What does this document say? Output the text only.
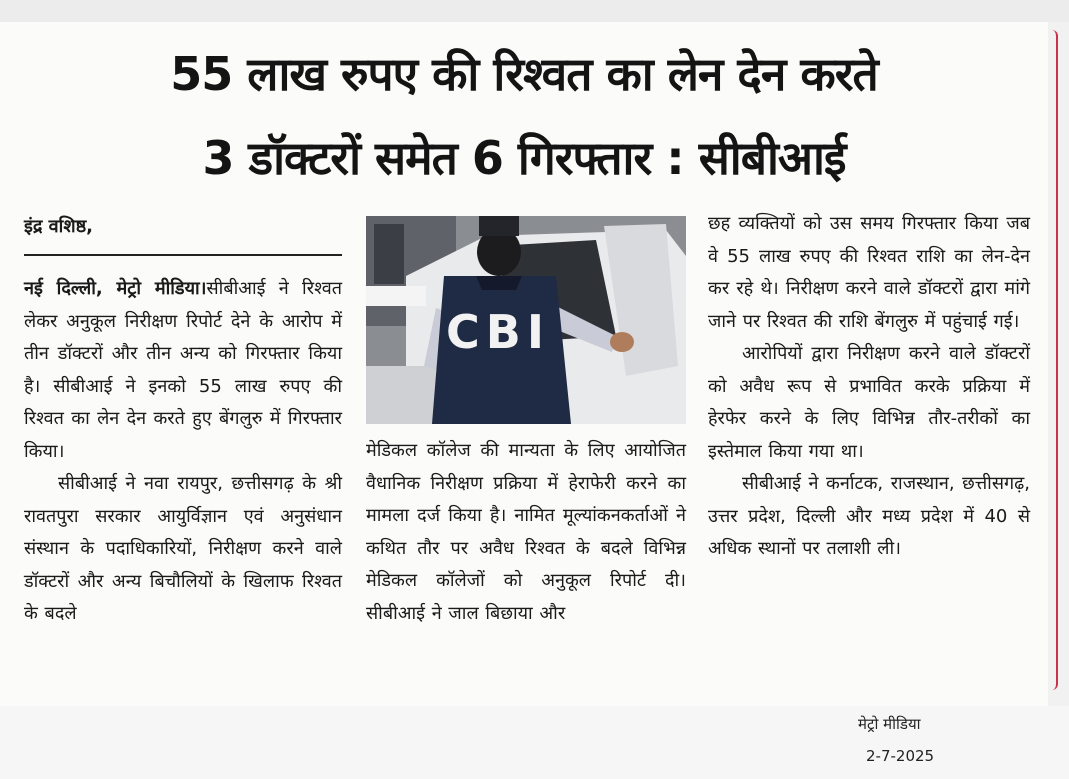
55 लाख रुपए की रिश्वत का लेन देन करते
3 डॉक्टरों समेत 6 गिरफ्तार : सीबीआई
इंद्र वशिष्ठ,

नई दिल्ली, मेट्रो मीडिया।सीबीआई ने रिश्वत लेकर अनुकूल निरीक्षण रिपोर्ट देने के आरोप में तीन डॉक्टरों और तीन अन्य को गिरफ्तार किया है। सीबीआई ने इनको 55 लाख रुपए की रिश्वत का लेन देन करते हुए बेंगलुरु में गिरफ्तार किया।

सीबीआई ने नवा रायपुर, छत्तीसगढ़ के श्री रावतपुरा सरकार आयुर्विज्ञान एवं अनुसंधान संस्थान के पदाधिकारियों, निरीक्षण करने वाले डॉक्टरों और अन्य बिचौलियों के खिलाफ रिश्वत के बदले

CBI

मेडिकल कॉलेज की मान्यता के लिए आयोजित वैधानिक निरीक्षण प्रक्रिया में हेराफेरी करने का मामला दर्ज किया है। नामित मूल्यांकनकर्ताओं ने कथित तौर पर अवैध रिश्वत के बदले विभिन्न मेडिकल कॉलेजों को अनुकूल रिपोर्ट दी। सीबीआई ने जाल बिछाया और

छह व्यक्तियों को उस समय गिरफ्तार किया जब वे 55 लाख रुपए की रिश्वत राशि का लेन-देन कर रहे थे। निरीक्षण करने वाले डॉक्टरों द्वारा मांगे जाने पर रिश्वत की राशि बेंगलुरु में पहुंचाई गई।

आरोपियों द्वारा निरीक्षण करने वाले डॉक्टरों को अवैध रूप से प्रभावित करके प्रक्रिया में हेरफेर करने के लिए विभिन्न तौर-तरीकों का इस्तेमाल किया गया था।

सीबीआई ने कर्नाटक, राजस्थान, छत्तीसगढ़, उत्तर प्रदेश, दिल्ली और मध्य प्रदेश में 40 से अधिक स्थानों पर तलाशी ली।

मेट्रो मीडिया
2-7-2025
